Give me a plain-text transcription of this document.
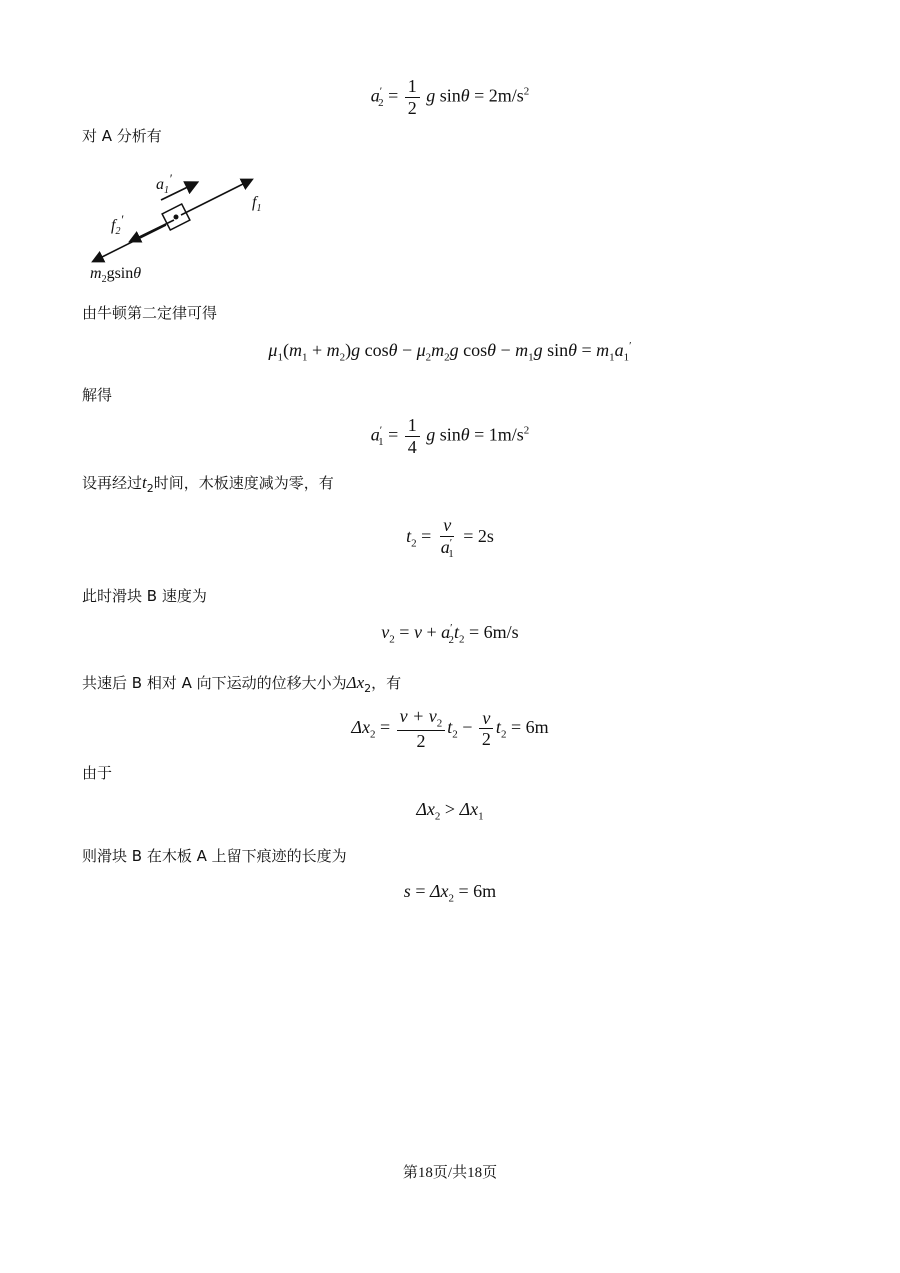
$a'_2 = \frac{1}{2}$ g $\sin\theta = 2m/s^2$
对 A 分析有
$a_1'$
$f_1$
$f_2'$
$m_2gsin\theta$
由牛顿第二定律可得
$\mu_1(m_1 + m_2)g$ $\cos\theta - \mu_2m_2g$ $\cos\theta - m_1g$ $\sin\theta = m_1a_1'$
解得
$a'_1 = \frac{1}{4}$ g $\sin\theta = 1m/s^2$
设再经过$t_2$时间，木板速度减为零，有
$t_2 = \frac{v}{a'_1} = 2s$
此时滑块 B 速度为
$v_2 = v + a'_2t_2 = 6m/s$
共速后 B 相对 A 向下运动的位移大小为$\Delta x_2$，有
$\Delta x_2 = \frac{v + v_2}{2} t_2 - \frac{v}{2} t_2 = 6m$
由于
$\Delta x_2 > \Delta x_1$
则滑块 B 在木板 A 上留下痕迹的长度为
$s = \Delta x_2 = 6m$
第18页/共18页
